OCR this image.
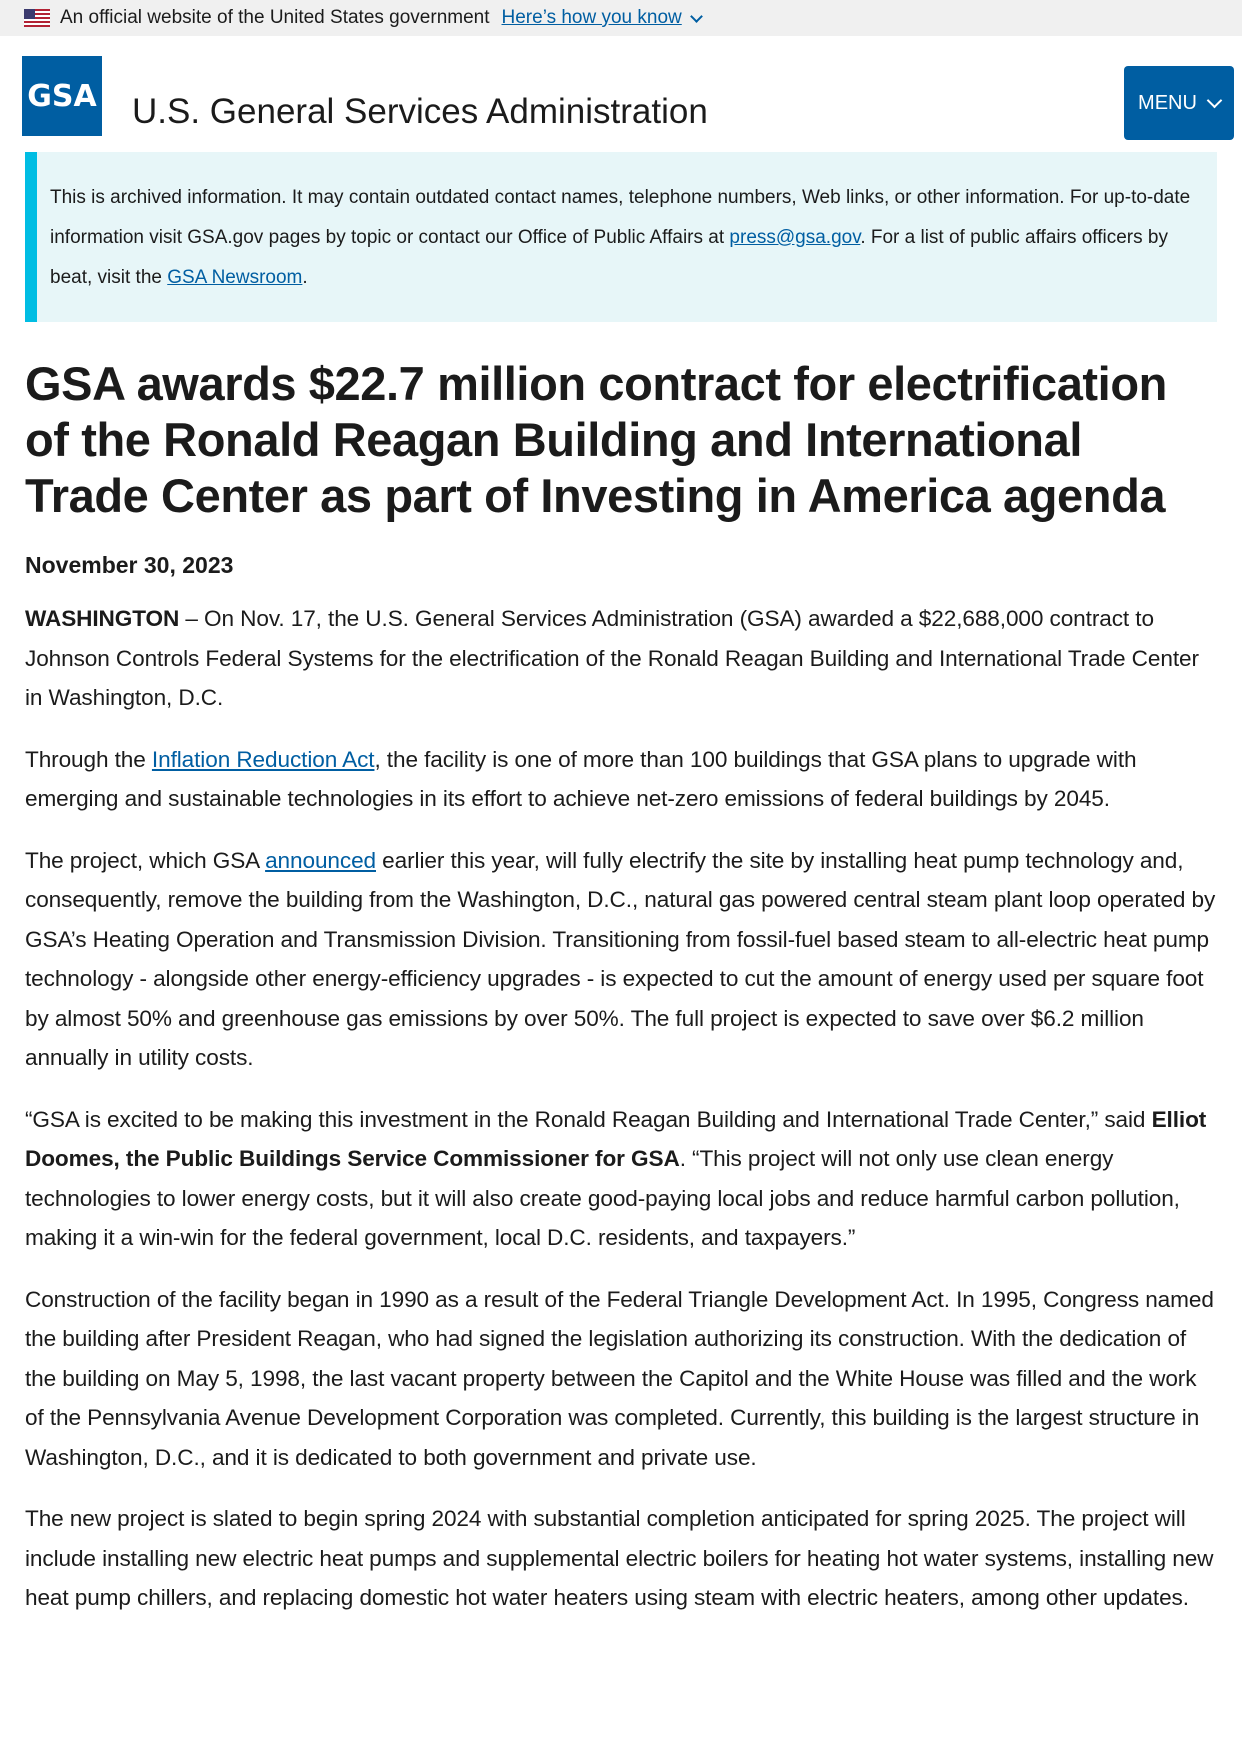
An official website of the United States government Here’s how you know
GSA U.S. General Services Administration	MENU
This is archived information. It may contain outdated contact names, telephone numbers, Web links, or other information. For up-to-date information visit GSA.gov pages by topic or contact our Office of Public Affairs at press@gsa.gov. For a list of public affairs officers by beat, visit the GSA Newsroom.
GSA awards $22.7 million contract for electrification of the Ronald Reagan Building and International Trade Center as part of Investing in America agenda
November 30, 2023

WASHINGTON – On Nov. 17, the U.S. General Services Administration (GSA) awarded a $22,688,000 contract to Johnson Controls Federal Systems for the electrification of the Ronald Reagan Building and International Trade Center in Washington, D.C.

Through the Inflation Reduction Act, the facility is one of more than 100 buildings that GSA plans to upgrade with emerging and sustainable technologies in its effort to achieve net-zero emissions of federal buildings by 2045.

The project, which GSA announced earlier this year, will fully electrify the site by installing heat pump technology and, consequently, remove the building from the Washington, D.C., natural gas powered central steam plant loop operated by GSA’s Heating Operation and Transmission Division. Transitioning from fossil-fuel based steam to all-electric heat pump technology - alongside other energy-efficiency upgrades - is expected to cut the amount of energy used per square foot by almost 50% and greenhouse gas emissions by over 50%. The full project is expected to save over $6.2 million annually in utility costs.

“GSA is excited to be making this investment in the Ronald Reagan Building and International Trade Center,” said Elliot Doomes, the Public Buildings Service Commissioner for GSA. “This project will not only use clean energy technologies to lower energy costs, but it will also create good-paying local jobs and reduce harmful carbon pollution, making it a win-win for the federal government, local D.C. residents, and taxpayers.”

Construction of the facility began in 1990 as a result of the Federal Triangle Development Act. In 1995, Congress named the building after President Reagan, who had signed the legislation authorizing its construction. With the dedication of the building on May 5, 1998, the last vacant property between the Capitol and the White House was filled and the work of the Pennsylvania Avenue Development Corporation was completed. Currently, this building is the largest structure in Washington, D.C., and it is dedicated to both government and private use.

The new project is slated to begin spring 2024 with substantial completion anticipated for spring 2025. The project will include installing new electric heat pumps and supplemental electric boilers for heating hot water systems, installing new heat pump chillers, and replacing domestic hot water heaters using steam with electric heaters, among other updates.
